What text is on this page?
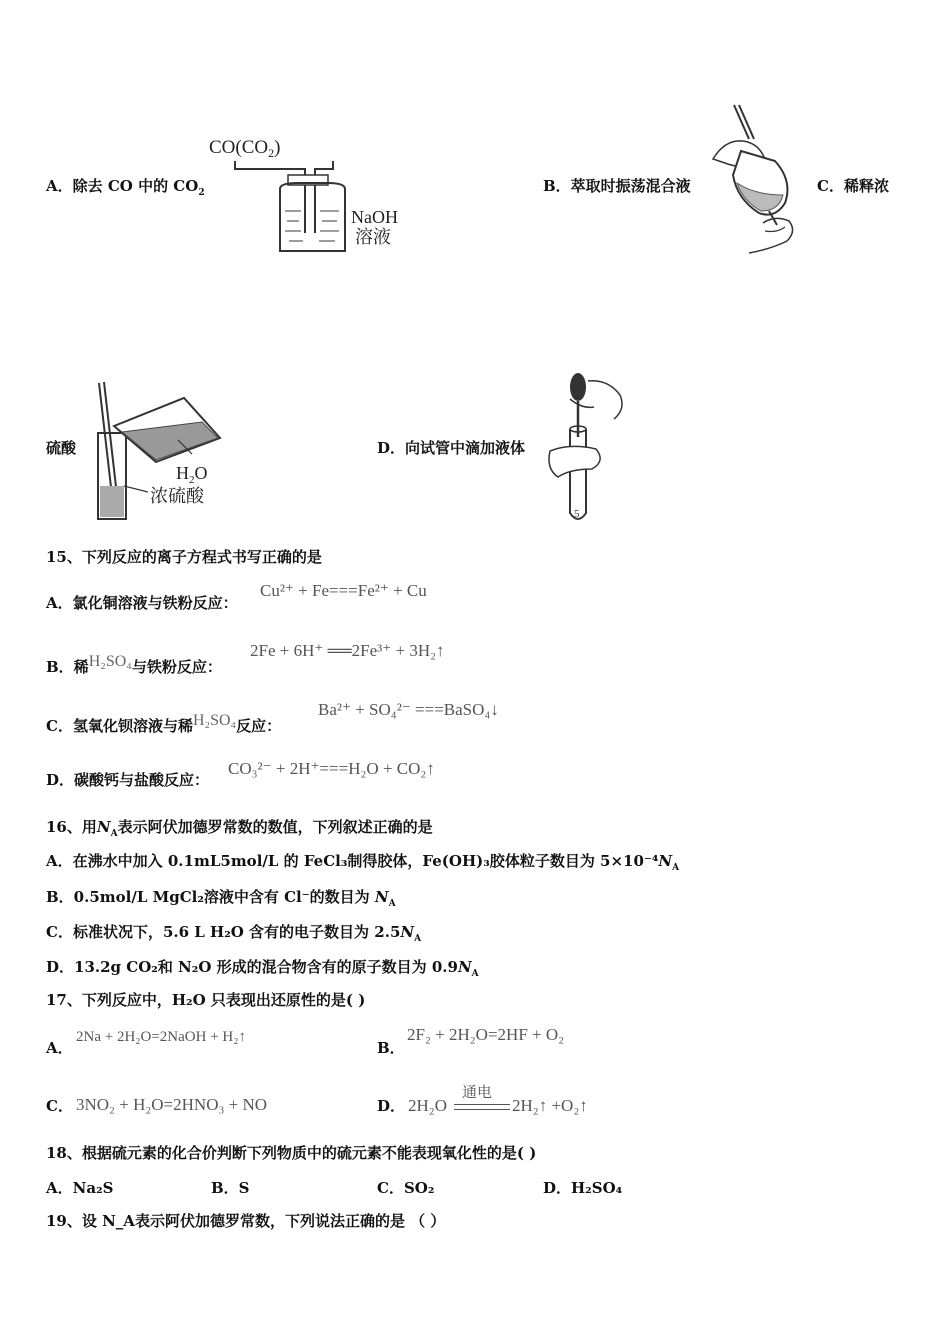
A．除去 CO 中的 $CO_2$
$CO(CO_2)$
NaOH
溶液
B．萃取时振荡混合液	C．稀释浓
硫酸
$H_2O$
浓硫酸
D．向试管中滴加液体
5
15、下列反应的离子方程式书写正确的是
A．氯化铜溶液与铁粉反应：
Cu²⁺ + Fe===Fe²⁺ + Cu
B．稀H₂SO₄与铁粉反应：
2Fe + 6H⁺ ══2Fe³⁺ + 3H₂↑
C．氢氧化钡溶液与稀H₂SO₄反应：
Ba²⁺ + SO₄²⁻ ===BaSO₄↓
D．碳酸钙与盐酸反应：
CO₃²⁻ + 2H⁺===H₂O + CO₂↑
16、用$N_A$表示阿伏加德罗常数的数值，下列叙述正确的是
A．在沸水中加入 0.1mL5mol/L 的 FeCl₃制得胶体，Fe(OH)₃胶体粒子数目为 $5\times 10^{-4}N_A$
B．0.5mol/L MgCl₂溶液中含有 Cl⁻的数目为 $N_A$
C．标准状况下，5.6 L H₂O 含有的电子数目为 $2.5N_A$
D．13.2g CO₂和 N₂O 形成的混合物含有的原子数目为 $0.9N_A$
17、下列反应中，H₂O 只表现出还原性的是( )
A．
2Na + 2H₂O=2NaOH + H₂↑
B．
2F₂ + 2H₂O=2HF + O₂
C． 3NO₂ + H₂O=2HNO₃ + NO	D． 2H₂O
通电
2H₂↑ +O₂↑
18、根据硫元素的化合价判断下列物质中的硫元素不能表现氧化性的是( )
A．Na₂S	B．S	C．SO₂	D．H₂SO₄
19、设 N_A表示阿伏加德罗常数，下列说法正确的是 （ ）
